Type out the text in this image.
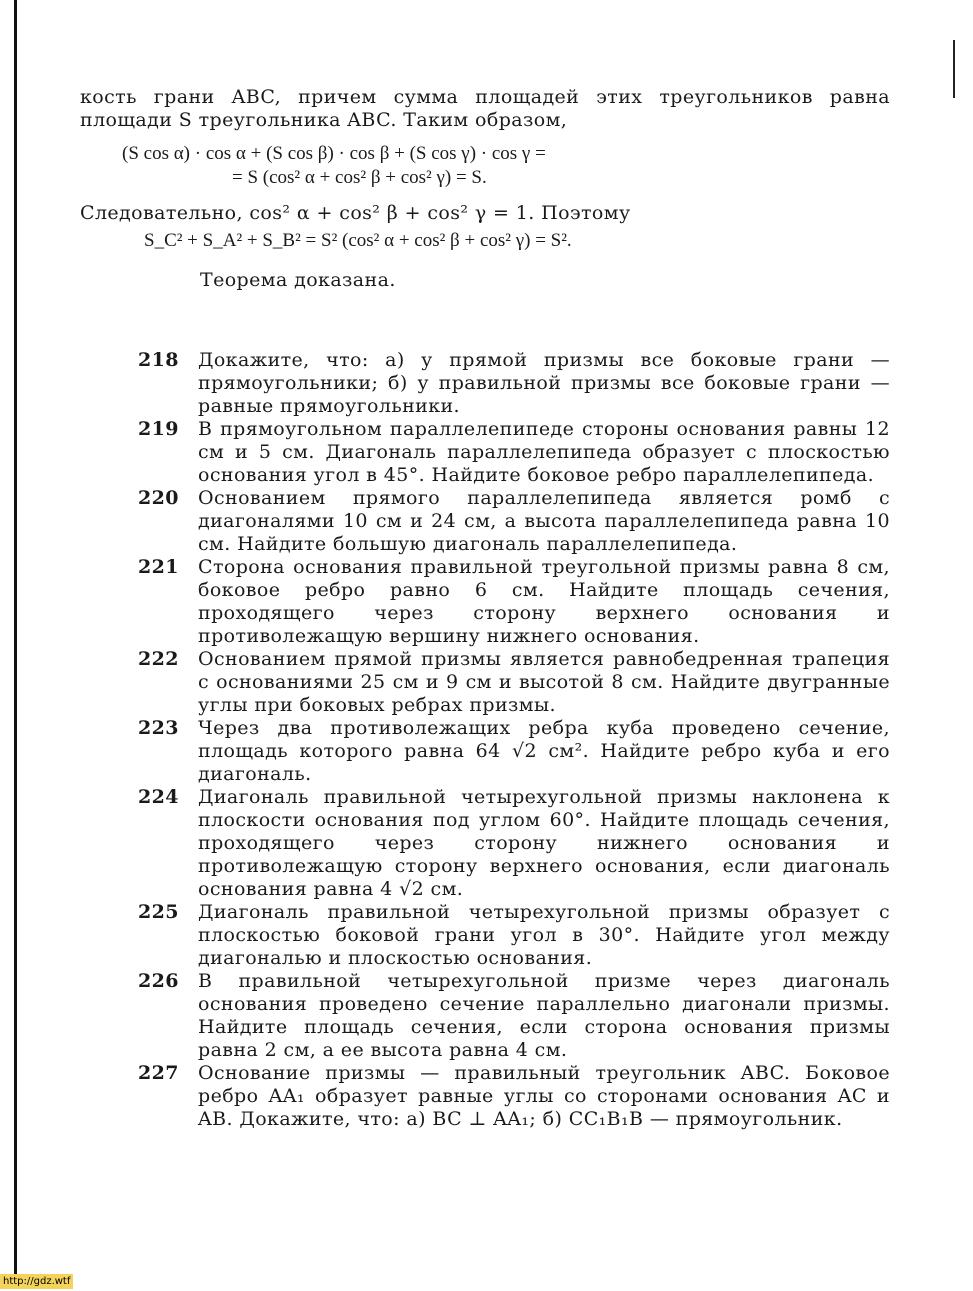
кость грани ABC, причем сумма площадей этих треугольников равна площади S треугольника ABC. Таким образом,

(S cos α) · cos α + (S cos β) · cos β + (S cos γ) · cos γ =
= S (cos² α + cos² β + cos² γ) = S.

Следовательно, cos² α + cos² β + cos² γ = 1. Поэтому

S_C² + S_A² + S_B² = S² (cos² α + cos² β + cos² γ) = S².

Теорема доказана.

218	Докажите, что: а) у прямой призмы все боковые грани — прямоугольники; б) у правильной призмы все боковые грани — равные прямоугольники.
219	В прямоугольном параллелепипеде стороны основания равны 12 см и 5 см. Диагональ параллелепипеда образует с плоскостью основания угол в 45°. Найдите боковое ребро параллелепипеда.
220	Основанием прямого параллелепипеда является ромб с диагоналями 10 см и 24 см, а высота параллелепипеда равна 10 см. Найдите большую диагональ параллелепипеда.
221	Сторона основания правильной треугольной призмы равна 8 см, боковое ребро равно 6 см. Найдите площадь сечения, проходящего через сторону верхнего основания и противолежащую вершину нижнего основания.
222	Основанием прямой призмы является равнобедренная трапеция с основаниями 25 см и 9 см и высотой 8 см. Найдите двугранные углы при боковых ребрах призмы.
223	Через два противолежащих ребра куба проведено сечение, площадь которого равна 64 √2 см². Найдите ребро куба и его диагональ.
224	Диагональ правильной четырехугольной призмы наклонена к плоскости основания под углом 60°. Найдите площадь сечения, проходящего через сторону нижнего основания и противолежащую сторону верхнего основания, если диагональ основания равна 4 √2 см.
225	Диагональ правильной четырехугольной призмы образует с плоскостью боковой грани угол в 30°. Найдите угол между диагональю и плоскостью основания.
226	В правильной четырехугольной призме через диагональ основания проведено сечение параллельно диагонали призмы. Найдите площадь сечения, если сторона основания призмы равна 2 см, а ее высота равна 4 см.
227	Основание призмы — правильный треугольник ABC. Боковое ребро AA₁ образует равные углы со сторонами основания AC и AB. Докажите, что: а) BC ⊥ AA₁; б) CC₁B₁B — прямоугольник.
http://gdz.wtf
